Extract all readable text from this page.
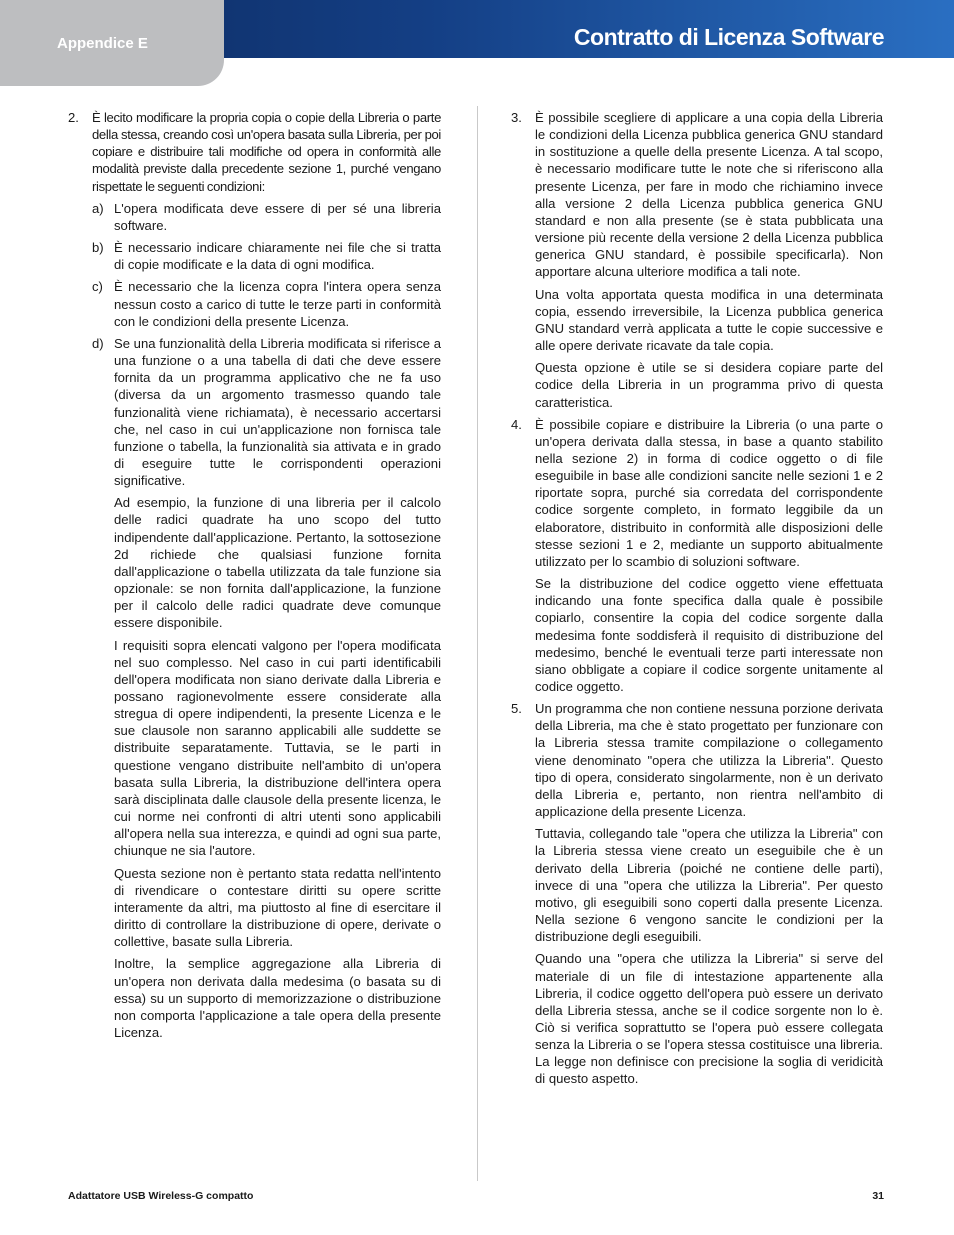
Appendice E	Contratto di Licenza Software
2. È lecito modificare la propria copia o copie della Libreria o parte della stessa, creando così un'opera basata sulla Libreria, per poi copiare e distribuire tali modifiche od opera in conformità alle modalità previste dalla precedente sezione 1, purché vengano rispettate le seguenti condizioni:

a) L'opera modificata deve essere di per sé una libreria software.
b) È necessario indicare chiaramente nei file che si tratta di copie modificate e la data di ogni modifica.
c) È necessario che la licenza copra l'intera opera senza nessun costo a carico di tutte le terze parti in conformità con le condizioni della presente Licenza.
d) Se una funzionalità della Libreria modificata si riferisce a una funzione o a una tabella di dati che deve essere fornita da un programma applicativo che ne fa uso (diversa da un argomento trasmesso quando tale funzionalità viene richiamata), è necessario accertarsi che, nel caso in cui un'applicazione non fornisca tale funzione o tabella, la funzionalità sia attivata e in grado di eseguire tutte le corrispondenti operazioni significative.

Ad esempio, la funzione di una libreria per il calcolo delle radici quadrate ha uno scopo del tutto indipendente dall'applicazione. Pertanto, la sottosezione 2d richiede che qualsiasi funzione fornita dall'applicazione o tabella utilizzata da tale funzione sia opzionale: se non fornita dall'applicazione, la funzione per il calcolo delle radici quadrate deve comunque essere disponibile.

I requisiti sopra elencati valgono per l'opera modificata nel suo complesso. Nel caso in cui parti identificabili dell'opera modificata non siano derivate dalla Libreria e possano ragionevolmente essere considerate alla stregua di opere indipendenti, la presente Licenza e le sue clausole non saranno applicabili alle suddette se distribuite separatamente. Tuttavia, se le parti in questione vengano distribuite nell'ambito di un'opera basata sulla Libreria, la distribuzione dell'intera opera sarà disciplinata dalle clausole della presente licenza, le cui norme nei confronti di altri utenti sono applicabili all'opera nella sua interezza, e quindi ad ogni sua parte, chiunque ne sia l'autore.

Questa sezione non è pertanto stata redatta nell'intento di rivendicare o contestare diritti su opere scritte interamente da altri, ma piuttosto al fine di esercitare il diritto di controllare la distribuzione di opere, derivate o collettive, basate sulla Libreria.

Inoltre, la semplice aggregazione alla Libreria di un'opera non derivata dalla medesima (o basata su di essa) su un supporto di memorizzazione o distribuzione non comporta l'applicazione a tale opera della presente Licenza.

3. È possibile scegliere di applicare a una copia della Libreria le condizioni della Licenza pubblica generica GNU standard in sostituzione a quelle della presente Licenza. A tal scopo, è necessario modificare tutte le note che si riferiscono alla presente Licenza, per fare in modo che richiamino invece alla versione 2 della Licenza pubblica generica GNU standard e non alla presente (se è stata pubblicata una versione più recente della versione 2 della Licenza pubblica generica GNU standard, è possibile specificarla). Non apportare alcuna ulteriore modifica a tali note.

Una volta apportata questa modifica in una determinata copia, essendo irreversibile, la Licenza pubblica generica GNU standard verrà applicata a tutte le copie successive e alle opere derivate ricavate da tale copia.

Questa opzione è utile se si desidera copiare parte del codice della Libreria in un programma privo di questa caratteristica.

4. È possibile copiare e distribuire la Libreria (o una parte o un'opera derivata dalla stessa, in base a quanto stabilito nella sezione 2) in forma di codice oggetto o di file eseguibile in base alle condizioni sancite nelle sezioni 1 e 2 riportate sopra, purché sia corredata del corrispondente codice sorgente completo, in formato leggibile da un elaboratore, distribuito in conformità alle disposizioni delle stesse sezioni 1 e 2, mediante un supporto abitualmente utilizzato per lo scambio di soluzioni software.

Se la distribuzione del codice oggetto viene effettuata indicando una fonte specifica dalla quale è possibile copiarlo, consentire la copia del codice sorgente dalla medesima fonte soddisferà il requisito di distribuzione del medesimo, benché le eventuali terze parti interessate non siano obbligate a copiare il codice sorgente unitamente al codice oggetto.

5. Un programma che non contiene nessuna porzione derivata della Libreria, ma che è stato progettato per funzionare con la Libreria stessa tramite compilazione o collegamento viene denominato "opera che utilizza la Libreria". Questo tipo di opera, considerato singolarmente, non è un derivato della Libreria e, pertanto, non rientra nell'ambito di applicazione della presente Licenza.

Tuttavia, collegando tale "opera che utilizza la Libreria" con la Libreria stessa viene creato un eseguibile che è un derivato della Libreria (poiché ne contiene delle parti), invece di una "opera che utilizza la Libreria". Per questo motivo, gli eseguibili sono coperti dalla presente Licenza. Nella sezione 6 vengono sancite le condizioni per la distribuzione degli eseguibili.

Quando una "opera che utilizza la Libreria" si serve del materiale di un file di intestazione appartenente alla Libreria, il codice oggetto dell'opera può essere un derivato della Libreria stessa, anche se il codice sorgente non lo è. Ciò si verifica soprattutto se l'opera può essere collegata senza la Libreria o se l'opera stessa costituisce una libreria. La legge non definisce con precisione la soglia di veridicità di questo aspetto.

Adattatore USB Wireless-G compatto	31
